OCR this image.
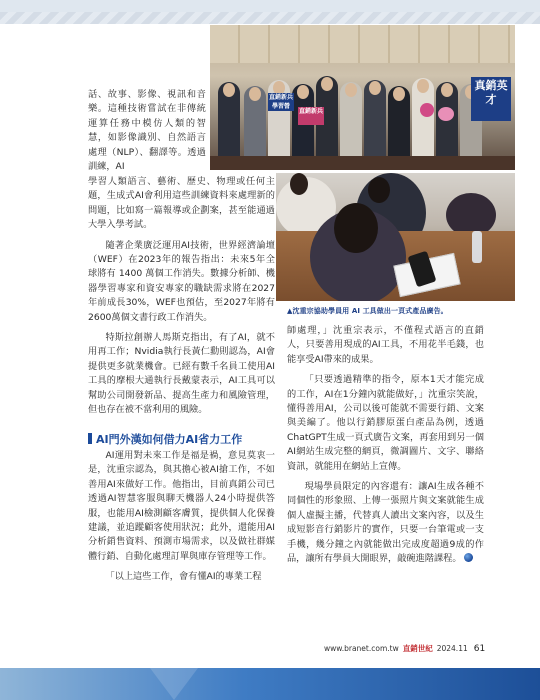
直銷新兵學習營
直銷新兵
真銷英才
▲沈重宗協助學員用 AI 工具做出一頁式產品廣告。

話、故事、影像、視訊和音樂。這種技術嘗試在非傳統運算任務中模仿人類的智慧，如影像識別、自然語言處理（NLP）、翻譯等。透過訓練，AI

學習人類語言、藝術、歷史、物理或任何主題，生成式AI會利用這些訓練資料來處理新的問題，比如寫一篇報導或企劃案，甚至能通過大學入學考試。

隨著企業廣泛運用AI技術，世界經濟論壇（WEF）在2023年的報告指出：未來5年全球將有 1400 萬個工作消失。數據分析師、機器學習專家和資安專家的職缺需求將在2027年前成長30%，WEF也預估，至2027年將有2600萬個文書行政工作消失。

特斯拉創辦人馬斯克指出，有了AI，就不用再工作；Nvidia執行長黃仁勳則認為，AI會提供更多就業機會。已經有數千名員工使用AI工具的摩根大通執行長戴蒙表示，AI工具可以幫助公司開發新品、提高生產力和風險管理，但也存在被不當利用的風險。

AI門外漢如何借力AI省力工作

AI運用對未來工作是福是禍，意見莫衷一是，沈重宗認為，與其擔心被AI搶工作，不如善用AI來做好工作。他指出，目前真銷公司已透過AI智慧客服與聊天機器人24小時提供答服，也能用AI檢測顧客膚質，提供個人化保養建議，並追蹤顧客使用狀況；此外，還能用AI分析銷售資料、預測市場需求，以及做社群媒體行銷、自動化處理訂單與庫存管理等工作。

「以上這些工作，會有懂AI的專業工程

師處理，」沈重宗表示，不僅程式語言的直銷人，只要善用現成的AI工具，不用花半毛錢，也能享受AI帶來的成果。

「只要透過精準的指令，原本1天才能完成的工作，AI在1分鐘內就能做好，」沈重宗笑說，懂得善用AI，公司以後可能就不需要行銷、文案與美編了。他以行銷膠原蛋白產品為例，透過ChatGPT生成一頁式廣告文案，再套用到另一個AI網站生成完整的網頁，微調圖片、文字、聯絡資訊，就能用在網站上宣傳。

現場學員限定的內容還有：讓AI生成各種不同個性的形象照、上傳一張照片與文案就能生成個人虛擬主播，代替真人讀出文案內容，以及生成短影音行銷影片的實作，只要一台筆電或一支手機，幾分鐘之內就能做出完成度超過9成的作品，讓所有學員大開眼界，敲碗進階課程。

www.branet.com.tw 直銷世紀 2024.11 61
